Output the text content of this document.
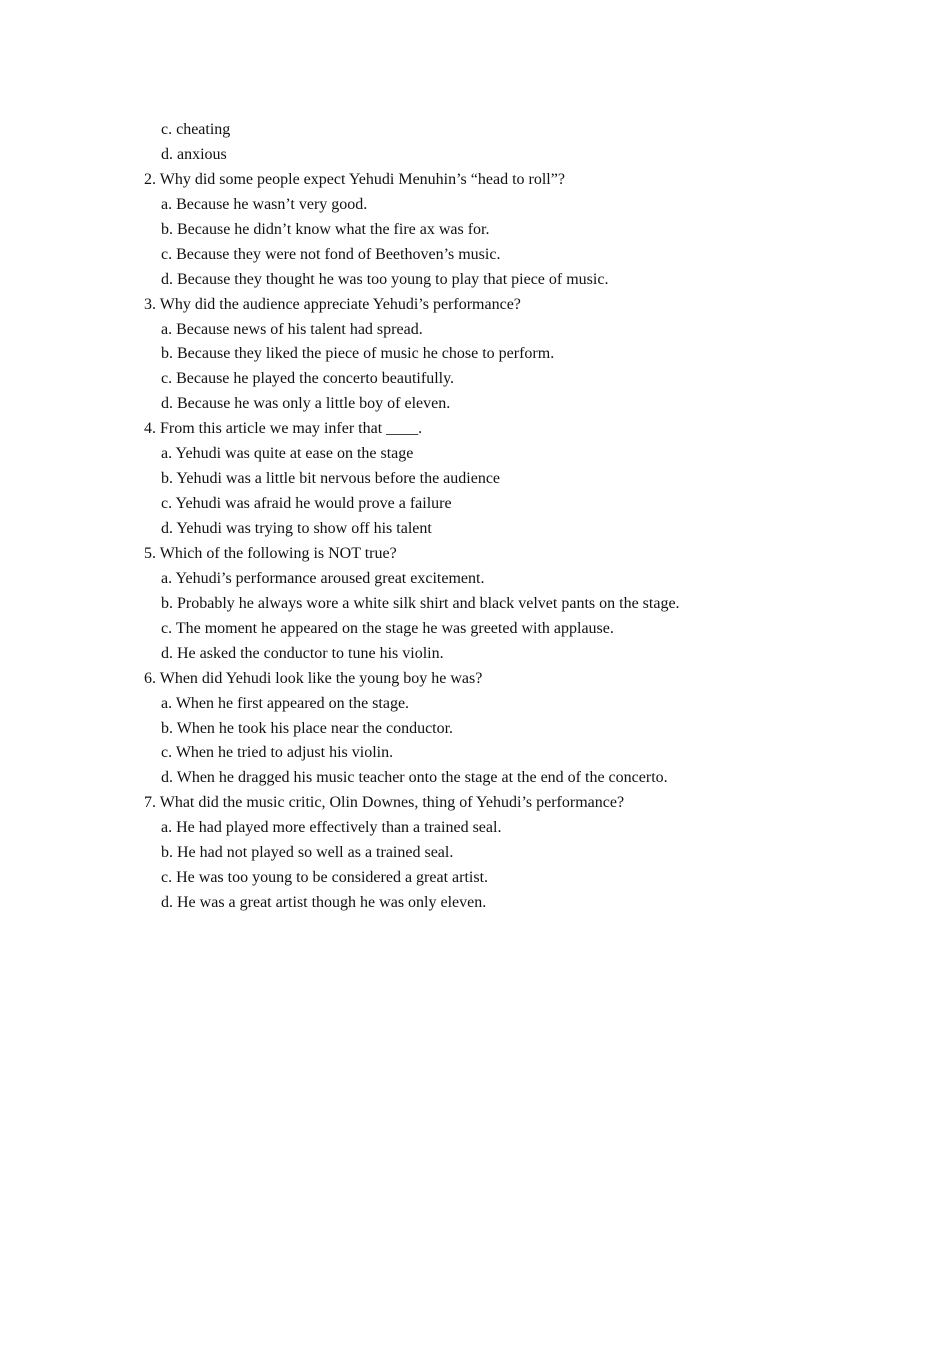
c. cheating
d. anxious
2. Why did some people expect Yehudi Menuhin’s “head to roll”?
a. Because he wasn’t very good.
b. Because he didn’t know what the fire ax was for.
c. Because they were not fond of Beethoven’s music.
d. Because they thought he was too young to play that piece of music.
3. Why did the audience appreciate Yehudi’s performance?
a. Because news of his talent had spread.
b. Because they liked the piece of music he chose to perform.
c. Because he played the concerto beautifully.
d. Because he was only a little boy of eleven.
4. From this article we may infer that ____.
a. Yehudi was quite at ease on the stage
b. Yehudi was a little bit nervous before the audience
c. Yehudi was afraid he would prove a failure
d. Yehudi was trying to show off his talent
5. Which of the following is NOT true?
a. Yehudi’s performance aroused great excitement.
b. Probably he always wore a white silk shirt and black velvet pants on the stage.
c. The moment he appeared on the stage he was greeted with applause.
d. He asked the conductor to tune his violin.
6. When did Yehudi look like the young boy he was?
a. When he first appeared on the stage.
b. When he took his place near the conductor.
c. When he tried to adjust his violin.
d. When he dragged his music teacher onto the stage at the end of the concerto.
7. What did the music critic, Olin Downes, thing of Yehudi’s performance?
a. He had played more effectively than a trained seal.
b. He had not played so well as a trained seal.
c. He was too young to be considered a great artist.
d. He was a great artist though he was only eleven.
